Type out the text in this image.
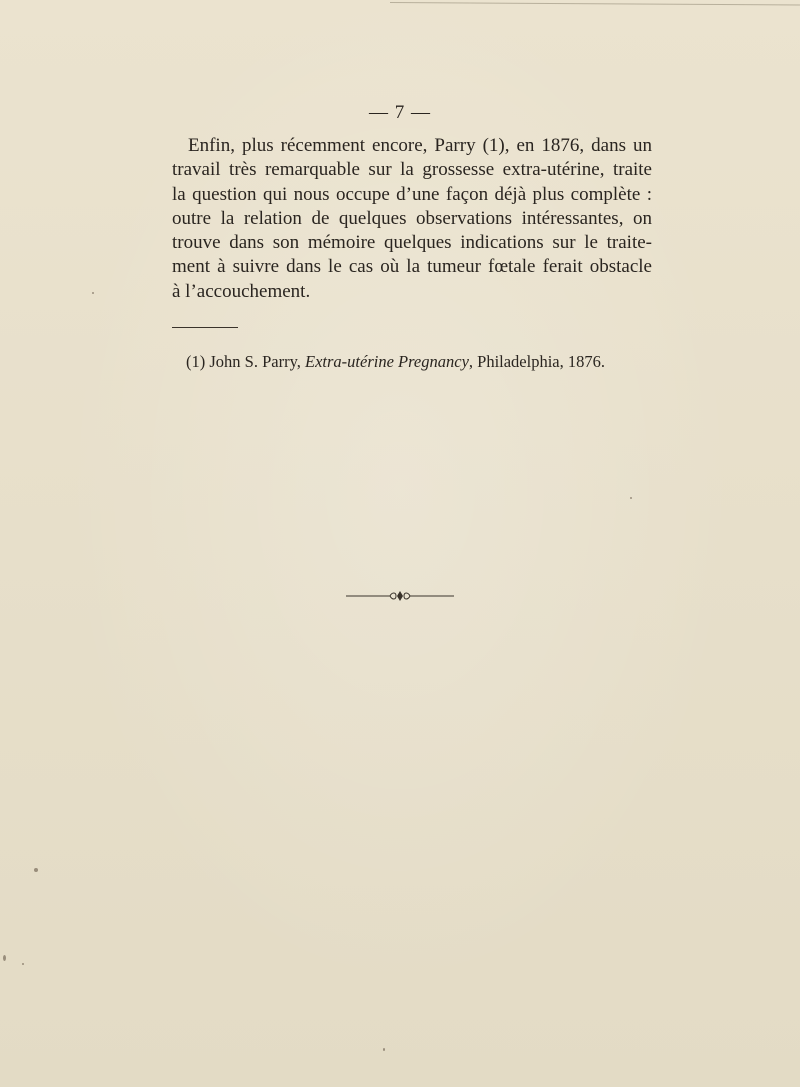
— 7 —
Enfin, plus récemment encore, Parry (1), en 1876, dans un
travail très remarquable sur la grossesse extra-utérine, traite
la question qui nous occupe d’une façon déjà plus complète :
outre la relation de quelques observations intéressantes, on
trouve dans son mémoire quelques indications sur le traite-
ment à suivre dans le cas où la tumeur fœtale ferait obstacle
à l’accouchement.
(1) John S. Parry, Extra-utérine Pregnancy, Philadelphia, 1876.
